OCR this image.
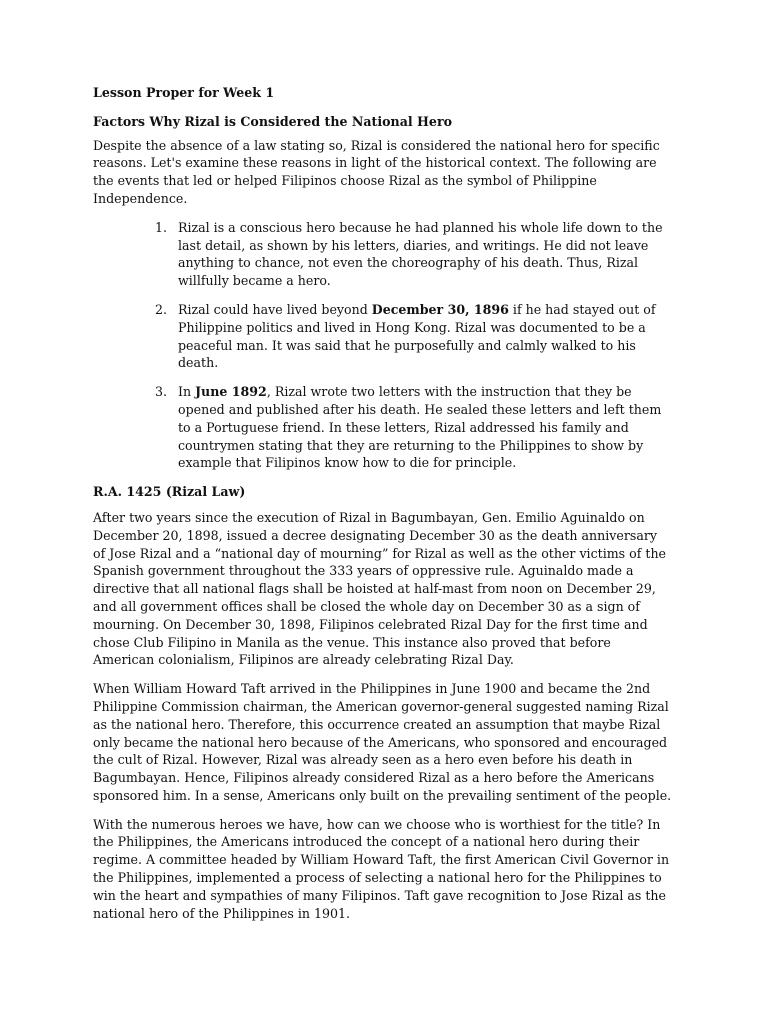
Lesson Proper for Week 1

Factors Why Rizal is Considered the National Hero

Despite the absence of a law stating so, Rizal is considered the national hero for specific reasons. Let's examine these reasons in light of the historical context. The following are the events that led or helped Filipinos choose Rizal as the symbol of Philippine Independence.

1. Rizal is a conscious hero because he had planned his whole life down to the last detail, as shown by his letters, diaries, and writings. He did not leave anything to chance, not even the choreography of his death. Thus, Rizal willfully became a hero.
2. Rizal could have lived beyond December 30, 1896 if he had stayed out of Philippine politics and lived in Hong Kong. Rizal was documented to be a peaceful man. It was said that he purposefully and calmly walked to his death.
3. In June 1892, Rizal wrote two letters with the instruction that they be opened and published after his death. He sealed these letters and left them to a Portuguese friend. In these letters, Rizal addressed his family and countrymen stating that they are returning to the Philippines to show by example that Filipinos know how to die for principle.

R.A. 1425 (Rizal Law)

After two years since the execution of Rizal in Bagumbayan, Gen. Emilio Aguinaldo on December 20, 1898, issued a decree designating December 30 as the death anniversary of Jose Rizal and a “national day of mourning” for Rizal as well as the other victims of the Spanish government throughout the 333 years of oppressive rule. Aguinaldo made a directive that all national flags shall be hoisted at half-mast from noon on December 29, and all government offices shall be closed the whole day on December 30 as a sign of mourning. On December 30, 1898, Filipinos celebrated Rizal Day for the first time and chose Club Filipino in Manila as the venue. This instance also proved that before American colonialism, Filipinos are already celebrating Rizal Day.

When William Howard Taft arrived in the Philippines in June 1900 and became the 2nd Philippine Commission chairman, the American governor-general suggested naming Rizal as the national hero. Therefore, this occurrence created an assumption that maybe Rizal only became the national hero because of the Americans, who sponsored and encouraged the cult of Rizal. However, Rizal was already seen as a hero even before his death in Bagumbayan. Hence, Filipinos already considered Rizal as a hero before the Americans sponsored him. In a sense, Americans only built on the prevailing sentiment of the people.

With the numerous heroes we have, how can we choose who is worthiest for the title? In the Philippines, the Americans introduced the concept of a national hero during their regime. A committee headed by William Howard Taft, the first American Civil Governor in the Philippines, implemented a process of selecting a national hero for the Philippines to win the heart and sympathies of many Filipinos. Taft gave recognition to Jose Rizal as the national hero of the Philippines in 1901.
